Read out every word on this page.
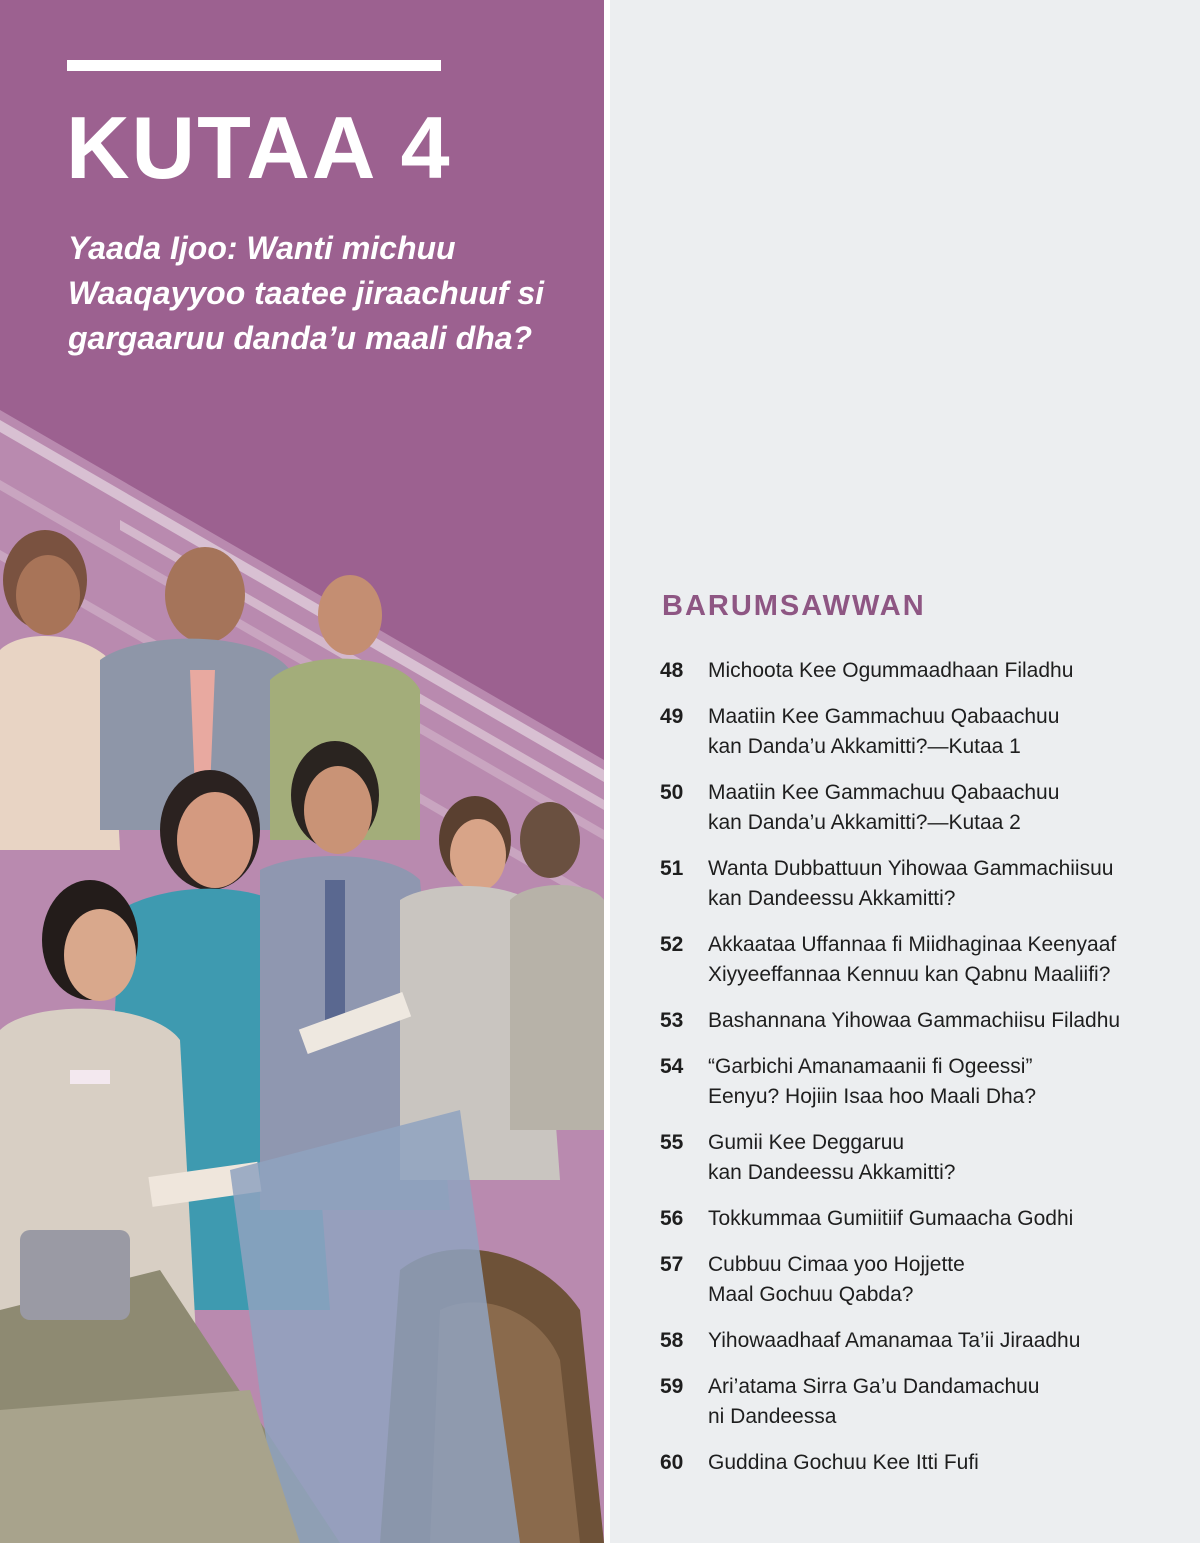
KUTAA 4

Yaada Ijoo: Wanti michuu Waaqayyoo taatee jiraachuuf si gargaaruu danda’u maali dha?

BARUMSAWWAN
48	Michoota Kee Ogummaadhaan Filadhu
49	Maatiin Kee Gammachuu Qabaachuu
kan Danda’u Akkamitti?—Kutaa 1
50	Maatiin Kee Gammachuu Qabaachuu
kan Danda’u Akkamitti?—Kutaa 2
51	Wanta Dubbattuun Yihowaa Gammachiisuu
kan Dandeessu Akkamitti?
52	Akkaataa Uffannaa fi Miidhaginaa Keenyaaf
Xiyyeeffannaa Kennuu kan Qabnu Maaliifi?
53	Bashannana Yihowaa Gammachiisu Filadhu
54	“Garbichi Amanamaanii fi Ogeessi”
Eenyu? Hojiin Isaa hoo Maali Dha?
55	Gumii Kee Deggaruu
kan Dandeessu Akkamitti?
56	Tokkummaa Gumiitiif Gumaacha Godhi
57	Cubbuu Cimaa yoo Hojjette
Maal Gochuu Qabda?
58	Yihowaadhaaf Amanamaa Ta’ii Jiraadhu
59	Ari’atama Sirra Ga’u Dandamachuu
ni Dandeessa
60	Guddina Gochuu Kee Itti Fufi
